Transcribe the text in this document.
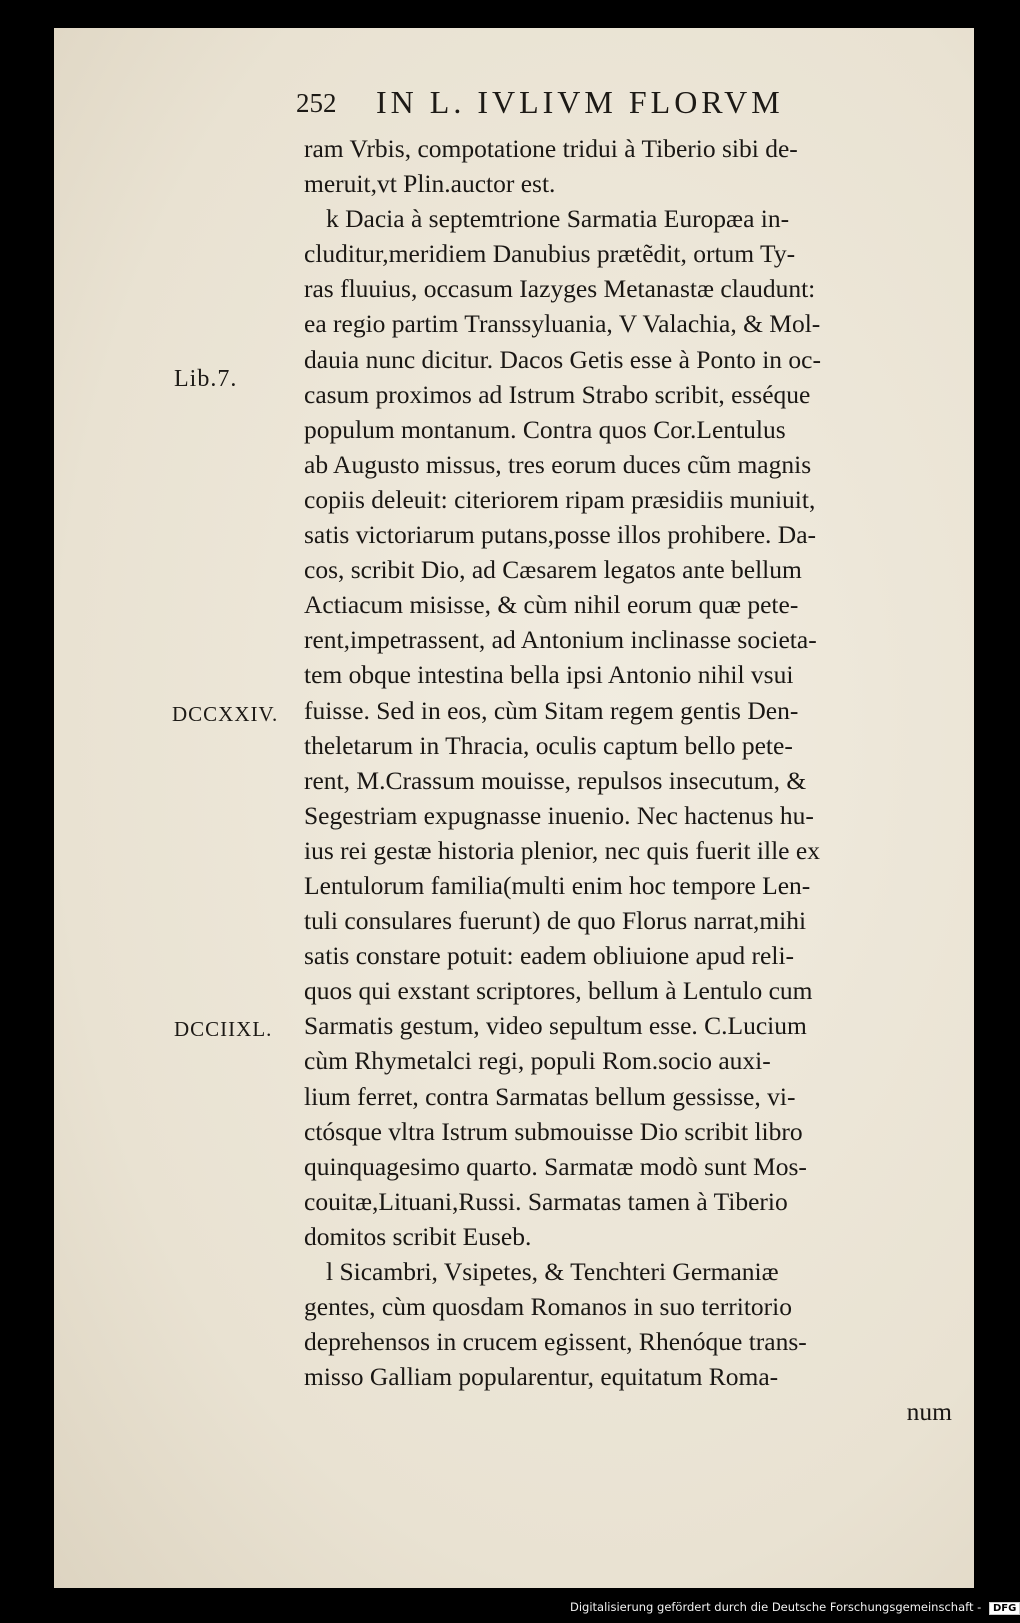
252 IN L. IVLIVM FLORVM
Lib.7.
DCCXXIV.
DCCIIXL.
ram Vrbis, compotatione tridui à Tiberio sibi de-
meruit,vt Plin.auctor est.
k Dacia à septemtrione Sarmatia Europæa in-
cluditur,meridiem Danubius prætẽdit, ortum Ty-
ras fluuius, occasum Iazyges Metanastæ claudunt:
ea regio partim Transsyluania, V Valachia, & Mol-
dauia nunc dicitur. Dacos Getis esse à Ponto in oc-
casum proximos ad Istrum Strabo scribit, esséque
populum montanum. Contra quos Cor.Lentulus
ab Augusto missus, tres eorum duces cũm magnis
copiis deleuit: citeriorem ripam præsidiis muniuit,
satis victoriarum putans,posse illos prohibere. Da-
cos, scribit Dio, ad Cæsarem legatos ante bellum
Actiacum misisse, & cùm nihil eorum quæ pete-
rent,impetrassent, ad Antonium inclinasse societa-
tem obque intestina bella ipsi Antonio nihil vsui
fuisse. Sed in eos, cùm Sitam regem gentis Den-
theletarum in Thracia, oculis captum bello pete-
rent, M.Crassum mouisse, repulsos insecutum, &
Segestriam expugnasse inuenio. Nec hactenus hu-
ius rei gestæ historia plenior, nec quis fuerit ille ex
Lentulorum familia(multi enim hoc tempore Len-
tuli consulares fuerunt) de quo Florus narrat,mihi
satis constare potuit: eadem obliuione apud reli-
quos qui exstant scriptores, bellum à Lentulo cum
Sarmatis gestum, video sepultum esse. C.Lucium
cùm Rhymetalci regi, populi Rom.socio auxi-
lium ferret, contra Sarmatas bellum gessisse, vi-
ctósque vltra Istrum submouisse Dio scribit libro
quinquagesimo quarto. Sarmatæ modò sunt Mos-
couitæ,Lituani,Russi. Sarmatas tamen à Tiberio
domitos scribit Euseb.
l Sicambri, Vsipetes, & Tenchteri Germaniæ
gentes, cùm quosdam Romanos in suo territorio
deprehensos in crucem egissent, Rhenóque trans-
misso Galliam popularentur, equitatum Roma-
num
Digitalisierung gefördert durch die Deutsche Forschungsgemeinschaft - DFG
